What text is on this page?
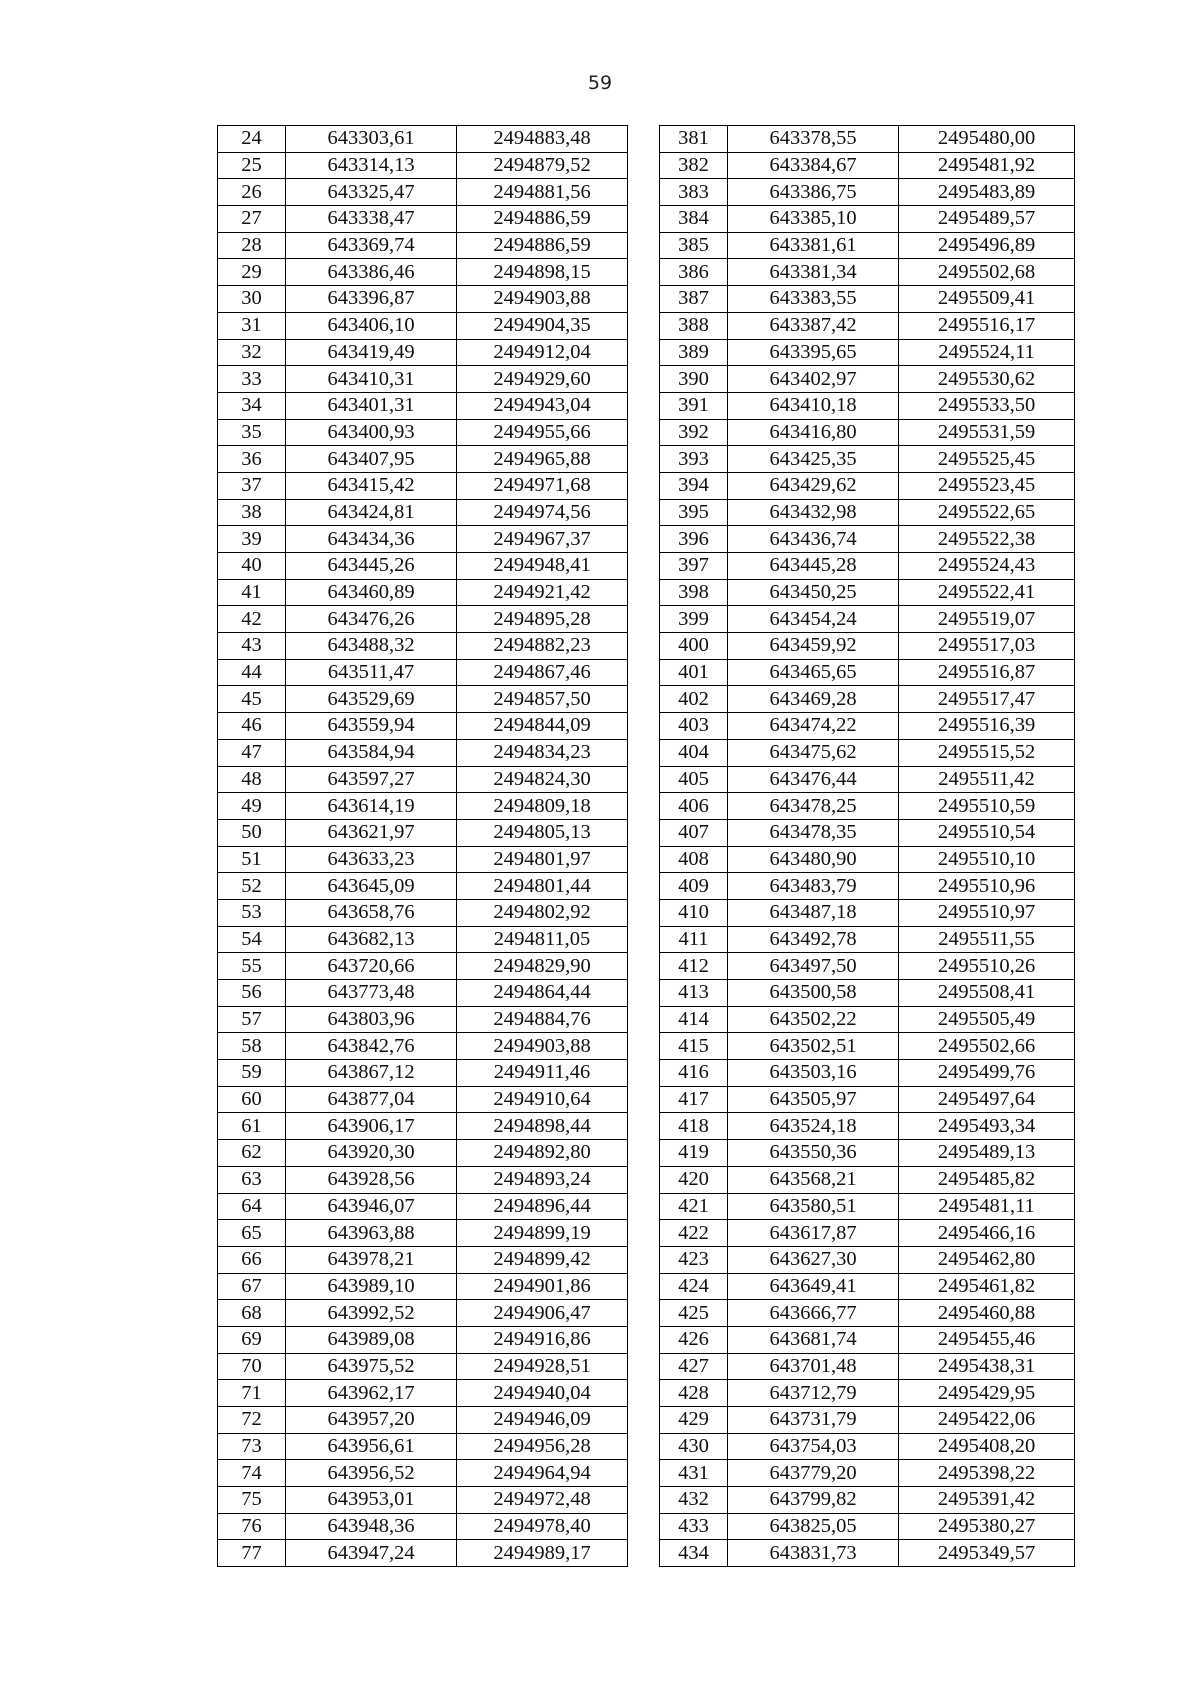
59
24	643303,61	2494883,48		381	643378,55	2495480,00
25	643314,13	2494879,52		382	643384,67	2495481,92
26	643325,47	2494881,56		383	643386,75	2495483,89
27	643338,47	2494886,59		384	643385,10	2495489,57
28	643369,74	2494886,59		385	643381,61	2495496,89
29	643386,46	2494898,15		386	643381,34	2495502,68
30	643396,87	2494903,88		387	643383,55	2495509,41
31	643406,10	2494904,35		388	643387,42	2495516,17
32	643419,49	2494912,04		389	643395,65	2495524,11
33	643410,31	2494929,60		390	643402,97	2495530,62
34	643401,31	2494943,04		391	643410,18	2495533,50
35	643400,93	2494955,66		392	643416,80	2495531,59
36	643407,95	2494965,88		393	643425,35	2495525,45
37	643415,42	2494971,68		394	643429,62	2495523,45
38	643424,81	2494974,56		395	643432,98	2495522,65
39	643434,36	2494967,37		396	643436,74	2495522,38
40	643445,26	2494948,41		397	643445,28	2495524,43
41	643460,89	2494921,42		398	643450,25	2495522,41
42	643476,26	2494895,28		399	643454,24	2495519,07
43	643488,32	2494882,23		400	643459,92	2495517,03
44	643511,47	2494867,46		401	643465,65	2495516,87
45	643529,69	2494857,50		402	643469,28	2495517,47
46	643559,94	2494844,09		403	643474,22	2495516,39
47	643584,94	2494834,23		404	643475,62	2495515,52
48	643597,27	2494824,30		405	643476,44	2495511,42
49	643614,19	2494809,18		406	643478,25	2495510,59
50	643621,97	2494805,13		407	643478,35	2495510,54
51	643633,23	2494801,97		408	643480,90	2495510,10
52	643645,09	2494801,44		409	643483,79	2495510,96
53	643658,76	2494802,92		410	643487,18	2495510,97
54	643682,13	2494811,05		411	643492,78	2495511,55
55	643720,66	2494829,90		412	643497,50	2495510,26
56	643773,48	2494864,44		413	643500,58	2495508,41
57	643803,96	2494884,76		414	643502,22	2495505,49
58	643842,76	2494903,88		415	643502,51	2495502,66
59	643867,12	2494911,46		416	643503,16	2495499,76
60	643877,04	2494910,64		417	643505,97	2495497,64
61	643906,17	2494898,44		418	643524,18	2495493,34
62	643920,30	2494892,80		419	643550,36	2495489,13
63	643928,56	2494893,24		420	643568,21	2495485,82
64	643946,07	2494896,44		421	643580,51	2495481,11
65	643963,88	2494899,19		422	643617,87	2495466,16
66	643978,21	2494899,42		423	643627,30	2495462,80
67	643989,10	2494901,86		424	643649,41	2495461,82
68	643992,52	2494906,47		425	643666,77	2495460,88
69	643989,08	2494916,86		426	643681,74	2495455,46
70	643975,52	2494928,51		427	643701,48	2495438,31
71	643962,17	2494940,04		428	643712,79	2495429,95
72	643957,20	2494946,09		429	643731,79	2495422,06
73	643956,61	2494956,28		430	643754,03	2495408,20
74	643956,52	2494964,94		431	643779,20	2495398,22
75	643953,01	2494972,48		432	643799,82	2495391,42
76	643948,36	2494978,40		433	643825,05	2495380,27
77	643947,24	2494989,17		434	643831,73	2495349,57
